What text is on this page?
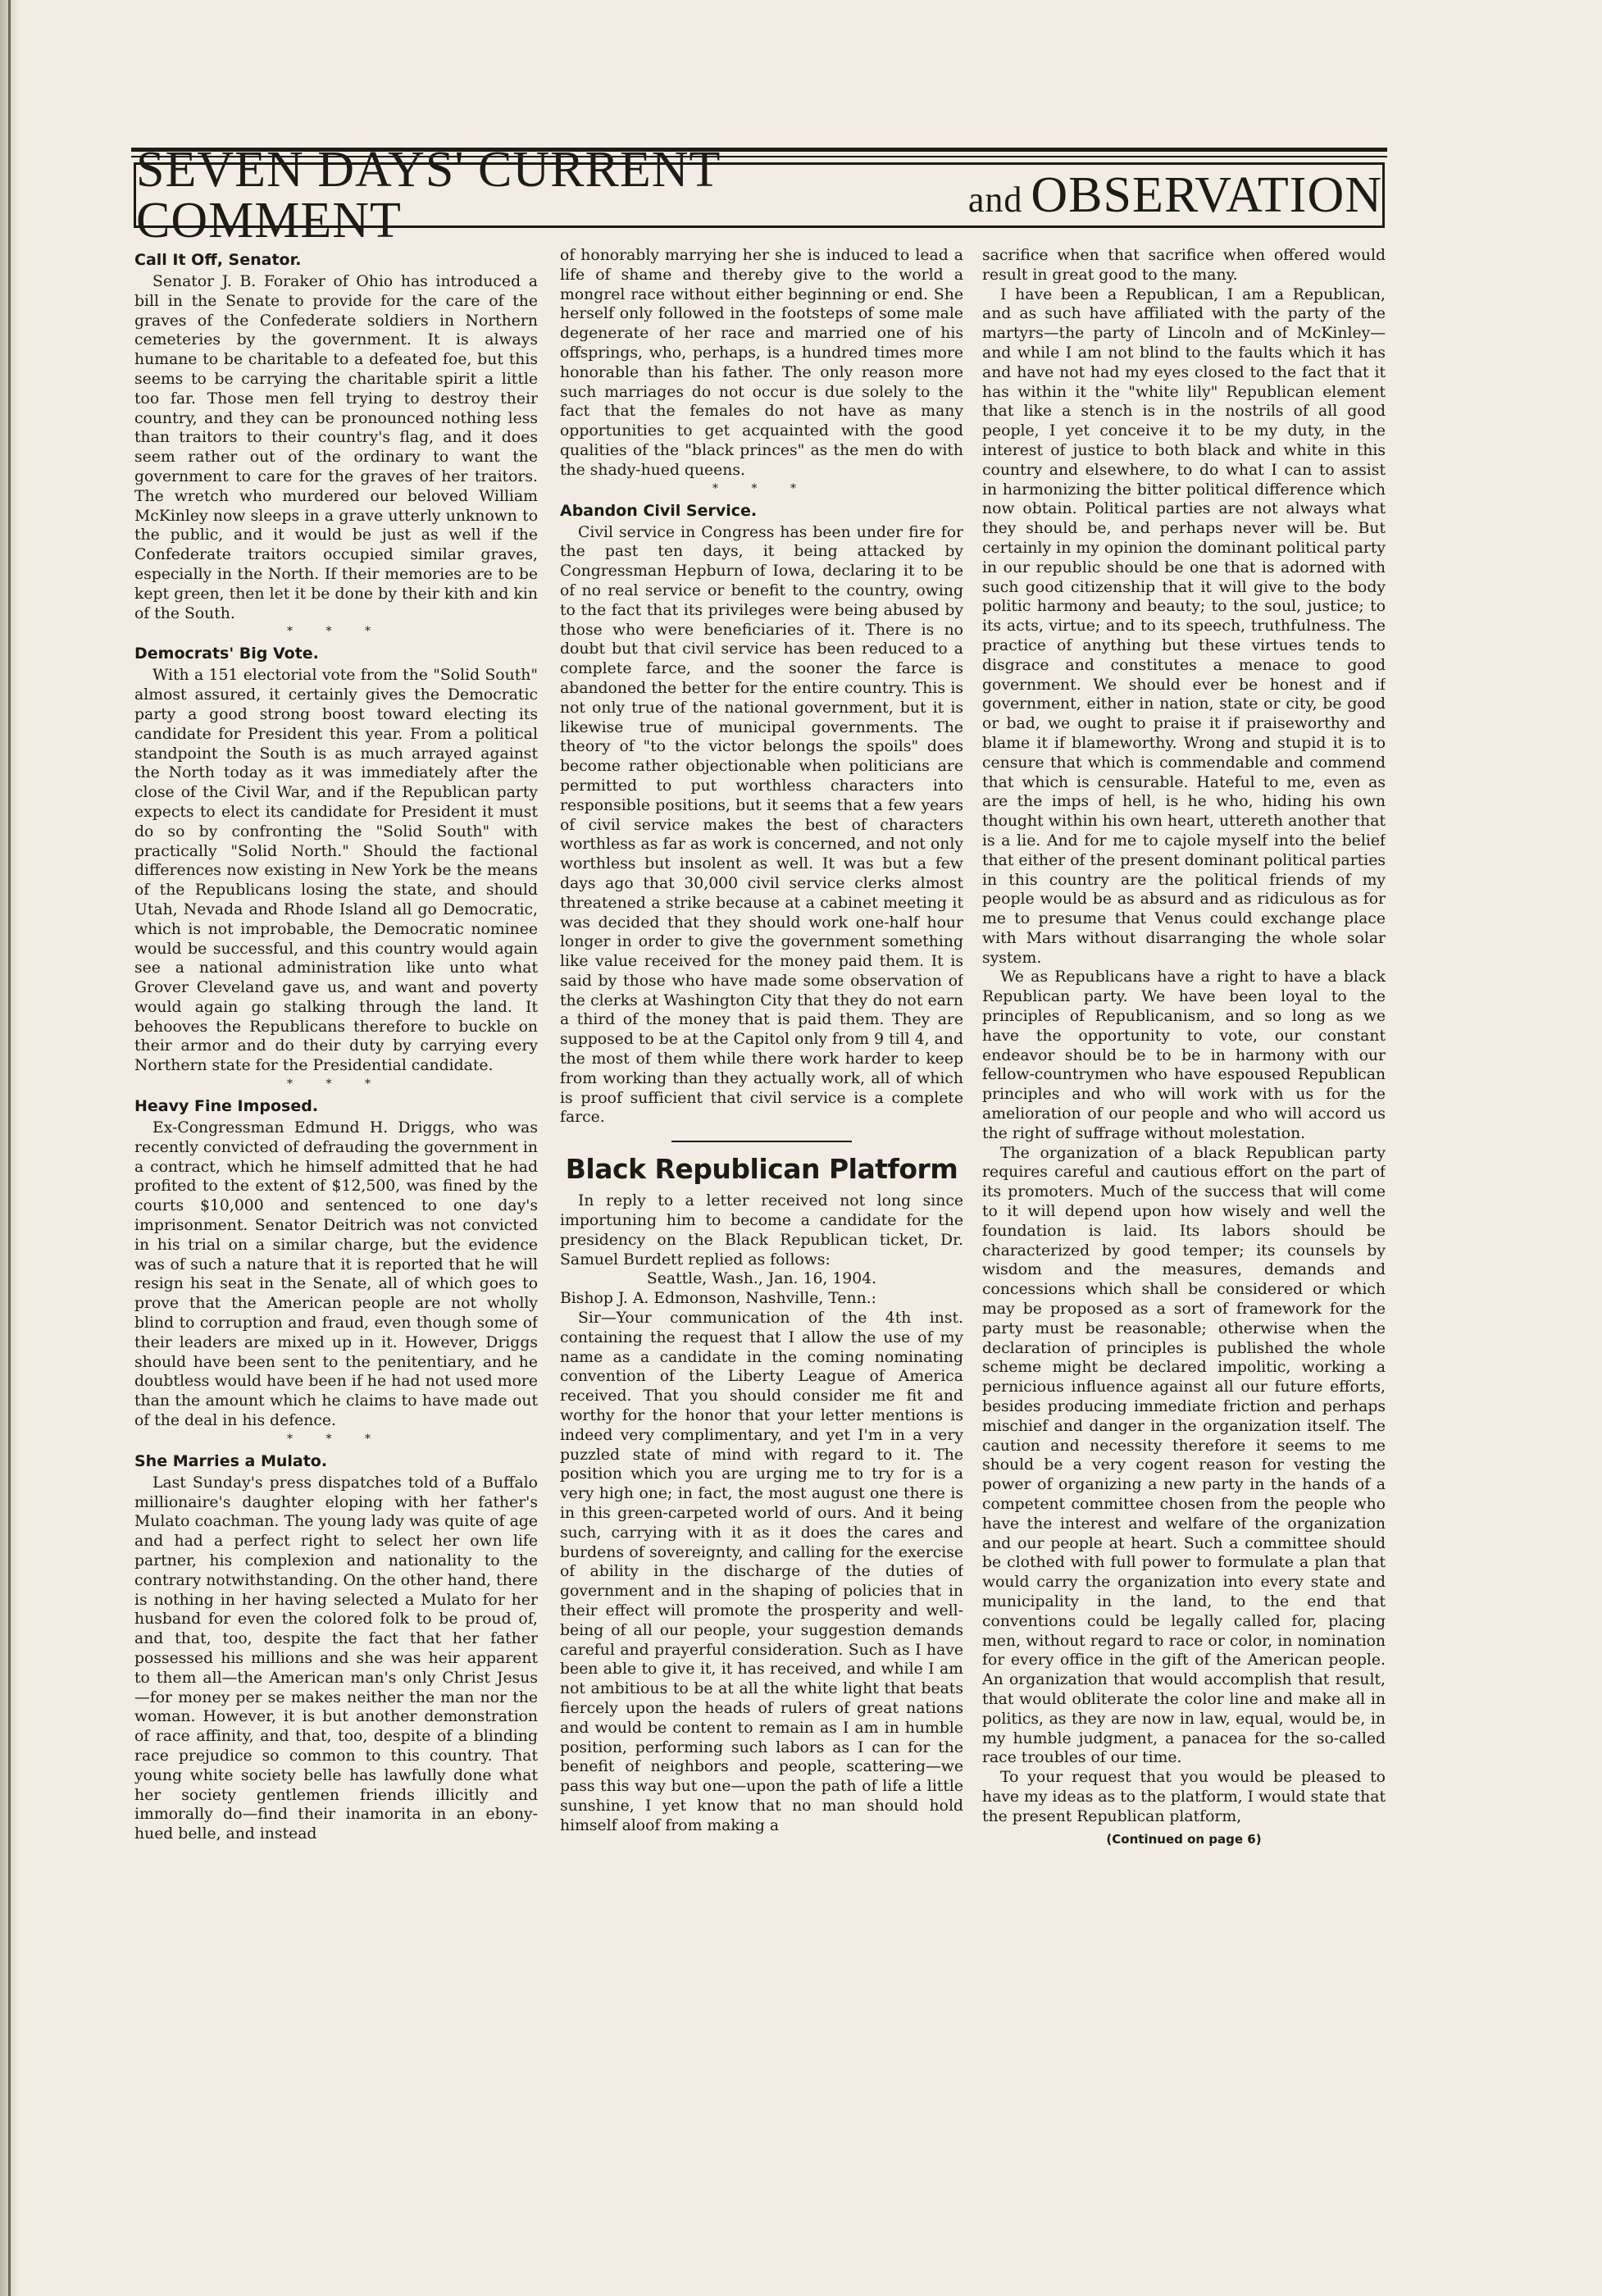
SEVEN DAYS' CURRENT COMMENT	and OBSERVATION
Call It Off, Senator.

Senator J. B. Foraker of Ohio has introduced a bill in the Senate to provide for the care of the graves of the Confederate soldiers in Northern cemeteries by the government. It is always humane to be charitable to a defeated foe, but this seems to be carrying the charitable spirit a little too far. Those men fell trying to destroy their country, and they can be pronounced nothing less than traitors to their country's flag, and it does seem rather out of the ordinary to want the government to care for the graves of her traitors. The wretch who murdered our beloved William McKinley now sleeps in a grave utterly unknown to the public, and it would be just as well if the Confederate traitors occupied similar graves, especially in the North. If their memories are to be kept green, then let it be done by their kith and kin of the South.

* * *
Democrats' Big Vote.

With a 151 electorial vote from the "Solid South" almost assured, it certainly gives the Democratic party a good strong boost toward electing its candidate for President this year. From a political standpoint the South is as much arrayed against the North today as it was immediately after the close of the Civil War, and if the Republican party expects to elect its candidate for President it must do so by confronting the "Solid South" with practically "Solid North." Should the factional differences now existing in New York be the means of the Republicans losing the state, and should Utah, Nevada and Rhode Island all go Democratic, which is not improbable, the Democratic nominee would be successful, and this country would again see a national administration like unto what Grover Cleveland gave us, and want and poverty would again go stalking through the land. It behooves the Republicans therefore to buckle on their armor and do their duty by carrying every Northern state for the Presidential candidate.

* * *
Heavy Fine Imposed.

Ex-Congressman Edmund H. Driggs, who was recently convicted of defrauding the government in a contract, which he himself admitted that he had profited to the extent of $12,500, was fined by the courts $10,000 and sentenced to one day's imprisonment. Senator Deitrich was not convicted in his trial on a similar charge, but the evidence was of such a nature that it is reported that he will resign his seat in the Senate, all of which goes to prove that the American people are not wholly blind to corruption and fraud, even though some of their leaders are mixed up in it. However, Driggs should have been sent to the penitentiary, and he doubtless would have been if he had not used more than the amount which he claims to have made out of the deal in his defence.

* * *
She Marries a Mulato.

Last Sunday's press dispatches told of a Buffalo millionaire's daughter eloping with her father's Mulato coachman. The young lady was quite of age and had a perfect right to select her own life partner, his complexion and nationality to the contrary notwithstanding. On the other hand, there is nothing in her having selected a Mulato for her husband for even the colored folk to be proud of, and that, too, despite the fact that her father possessed his millions and she was heir apparent to them all—the American man's only Christ Jesus—for money per se makes neither the man nor the woman. However, it is but another demonstration of race affinity, and that, too, despite of a blinding race prejudice so common to this country. That young white society belle has lawfully done what her society gentlemen friends illicitly and immorally do—find their inamorita in an ebony-hued belle, and instead

of honorably marrying her she is induced to lead a life of shame and thereby give to the world a mongrel race without either beginning or end. She herself only followed in the footsteps of some male degenerate of her race and married one of his offsprings, who, perhaps, is a hundred times more honorable than his father. The only reason more such marriages do not occur is due solely to the fact that the females do not have as many opportunities to get acquainted with the good qualities of the "black princes" as the men do with the shady-hued queens.

* * *
Abandon Civil Service.

Civil service in Congress has been under fire for the past ten days, it being attacked by Congressman Hepburn of Iowa, declaring it to be of no real service or benefit to the country, owing to the fact that its privileges were being abused by those who were beneficiaries of it. There is no doubt but that civil service has been reduced to a complete farce, and the sooner the farce is abandoned the better for the entire country. This is not only true of the national government, but it is likewise true of municipal governments. The theory of "to the victor belongs the spoils" does become rather objectionable when politicians are permitted to put worthless characters into responsible positions, but it seems that a few years of civil service makes the best of characters worthless as far as work is concerned, and not only worthless but insolent as well. It was but a few days ago that 30,000 civil service clerks almost threatened a strike because at a cabinet meeting it was decided that they should work one-half hour longer in order to give the government something like value received for the money paid them. It is said by those who have made some observation of the clerks at Washington City that they do not earn a third of the money that is paid them. They are supposed to be at the Capitol only from 9 till 4, and the most of them while there work harder to keep from working than they actually work, all of which is proof sufficient that civil service is a complete farce.

Black Republican Platform

In reply to a letter received not long since importuning him to become a candidate for the presidency on the Black Republican ticket, Dr. Samuel Burdett replied as follows:

Seattle, Wash., Jan. 16, 1904.

Bishop J. A. Edmonson, Nashville, Tenn.:

Sir—Your communication of the 4th inst. containing the request that I allow the use of my name as a candidate in the coming nominating convention of the Liberty League of America received. That you should consider me fit and worthy for the honor that your letter mentions is indeed very complimentary, and yet I'm in a very puzzled state of mind with regard to it. The position which you are urging me to try for is a very high one; in fact, the most august one there is in this green-carpeted world of ours. And it being such, carrying with it as it does the cares and burdens of sovereignty, and calling for the exercise of ability in the discharge of the duties of government and in the shaping of policies that in their effect will promote the prosperity and well-being of all our people, your suggestion demands careful and prayerful consideration. Such as I have been able to give it, it has received, and while I am not ambitious to be at all the white light that beats fiercely upon the heads of rulers of great nations and would be content to remain as I am in humble position, performing such labors as I can for the benefit of neighbors and people, scattering—we pass this way but one—upon the path of life a little sunshine, I yet know that no man should hold himself aloof from making a

sacrifice when that sacrifice when offered would result in great good to the many.

I have been a Republican, I am a Republican, and as such have affiliated with the party of the martyrs—the party of Lincoln and of McKinley—and while I am not blind to the faults which it has and have not had my eyes closed to the fact that it has within it the "white lily" Republican element that like a stench is in the nostrils of all good people, I yet conceive it to be my duty, in the interest of justice to both black and white in this country and elsewhere, to do what I can to assist in harmonizing the bitter political difference which now obtain. Political parties are not always what they should be, and perhaps never will be. But certainly in my opinion the dominant political party in our republic should be one that is adorned with such good citizenship that it will give to the body politic harmony and beauty; to the soul, justice; to its acts, virtue; and to its speech, truthfulness. The practice of anything but these virtues tends to disgrace and constitutes a menace to good government. We should ever be honest and if government, either in nation, state or city, be good or bad, we ought to praise it if praiseworthy and blame it if blameworthy. Wrong and stupid it is to censure that which is commendable and commend that which is censurable. Hateful to me, even as are the imps of hell, is he who, hiding his own thought within his own heart, uttereth another that is a lie. And for me to cajole myself into the belief that either of the present dominant political parties in this country are the political friends of my people would be as absurd and as ridiculous as for me to presume that Venus could exchange place with Mars without disarranging the whole solar system.

We as Republicans have a right to have a black Republican party. We have been loyal to the principles of Republicanism, and so long as we have the opportunity to vote, our constant endeavor should be to be in harmony with our fellow-countrymen who have espoused Republican principles and who will work with us for the amelioration of our people and who will accord us the right of suffrage without molestation.

The organization of a black Republican party requires careful and cautious effort on the part of its promoters. Much of the success that will come to it will depend upon how wisely and well the foundation is laid. Its labors should be characterized by good temper; its counsels by wisdom and the measures, demands and concessions which shall be considered or which may be proposed as a sort of framework for the party must be reasonable; otherwise when the declaration of principles is published the whole scheme might be declared impolitic, working a pernicious influence against all our future efforts, besides producing immediate friction and perhaps mischief and danger in the organization itself. The caution and necessity therefore it seems to me should be a very cogent reason for vesting the power of organizing a new party in the hands of a competent committee chosen from the people who have the interest and welfare of the organization and our people at heart. Such a committee should be clothed with full power to formulate a plan that would carry the organization into every state and municipality in the land, to the end that conventions could be legally called for, placing men, without regard to race or color, in nomination for every office in the gift of the American people. An organization that would accomplish that result, that would obliterate the color line and make all in politics, as they are now in law, equal, would be, in my humble judgment, a panacea for the so-called race troubles of our time.

To your request that you would be pleased to have my ideas as to the platform, I would state that the present Republican platform,

(Continued on page 6)
